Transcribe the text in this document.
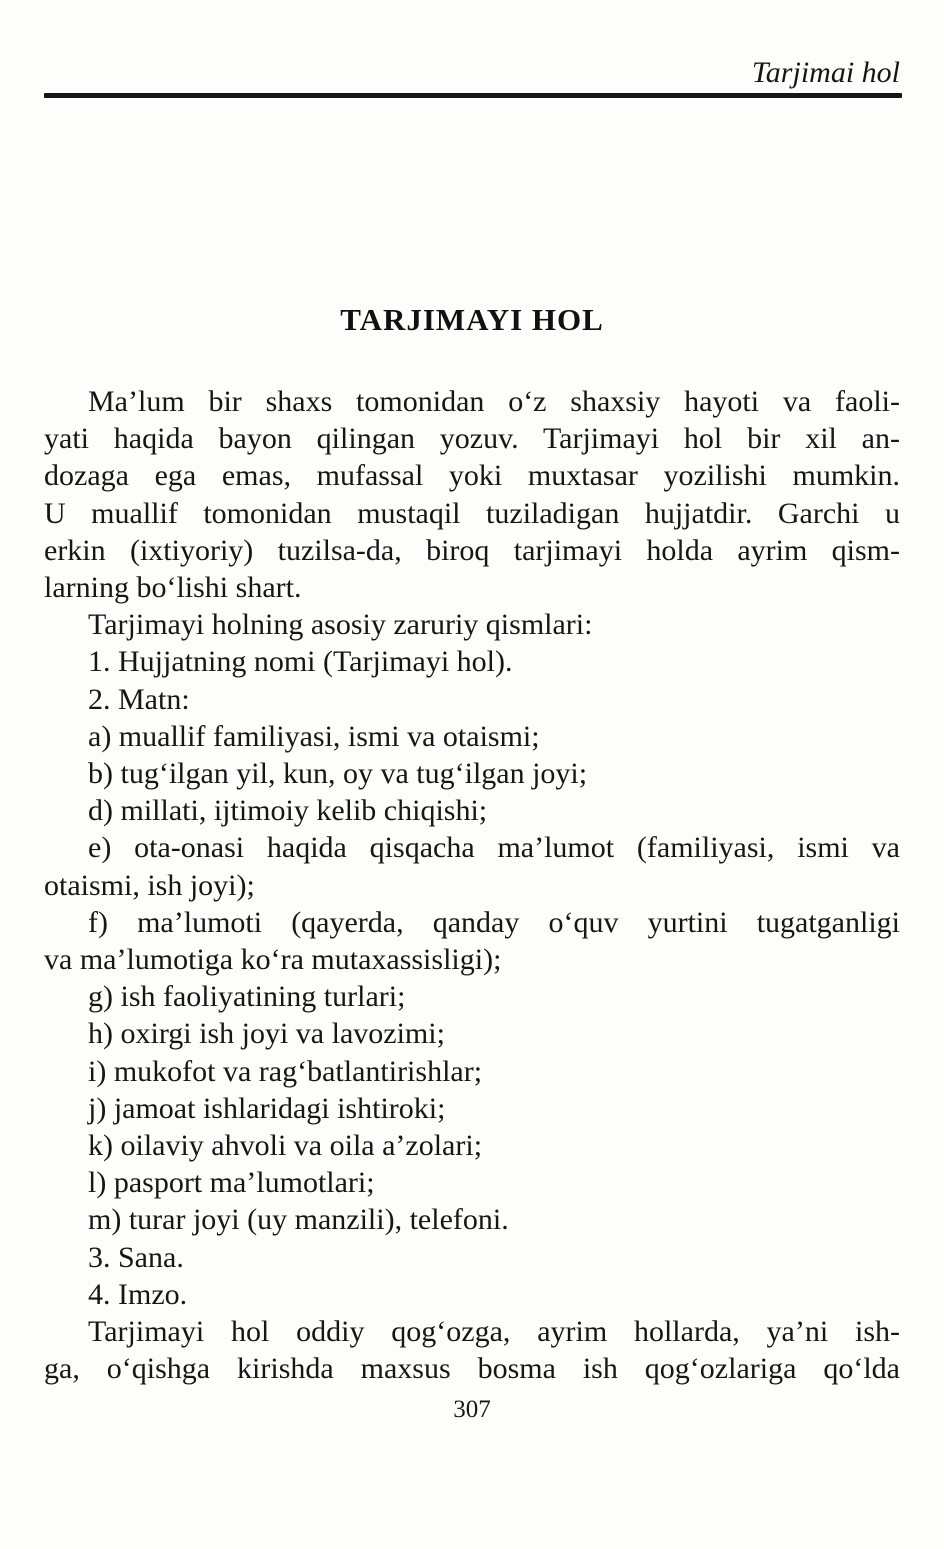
Tarjimai hol
TARJIMAYI HOL
Ma’lum bir shaxs tomonidan o‘z shaxsiy hayoti va faoli-
yati haqida bayon qilingan yozuv. Tarjimayi hol bir xil an-
dozaga ega emas, mufassal yoki muxtasar yozilishi mumkin.
U muallif tomonidan mustaqil tuziladigan hujjatdir. Garchi u
erkin (ixtiyoriy) tuzilsa-da, biroq tarjimayi holda ayrim qism-
larning bo‘lishi shart.
Tarjimayi holning asosiy zaruriy qismlari:
1. Hujjatning nomi (Tarjimayi hol).
2. Matn:
a) muallif familiyasi, ismi va otaismi;
b) tug‘ilgan yil, kun, oy va tug‘ilgan joyi;
d) millati, ijtimoiy kelib chiqishi;
e) ota-onasi haqida qisqacha ma’lumot (familiyasi, ismi va
otaismi, ish joyi);
f) ma’lumoti (qayerda, qanday o‘quv yurtini tugatganligi
va ma’lumotiga ko‘ra mutaxassisligi);
g) ish faoliyatining turlari;
h) oxirgi ish joyi va lavozimi;
i) mukofot va rag‘batlantirishlar;
j) jamoat ishlaridagi ishtiroki;
k) oilaviy ahvoli va oila a’zolari;
l) pasport ma’lumotlari;
m) turar joyi (uy manzili), telefoni.
3. Sana.
4. Imzo.
Tarjimayi hol oddiy qog‘ozga, ayrim hollarda, ya’ni ish-
ga, o‘qishga kirishda maxsus bosma ish qog‘ozlariga qo‘lda
307
